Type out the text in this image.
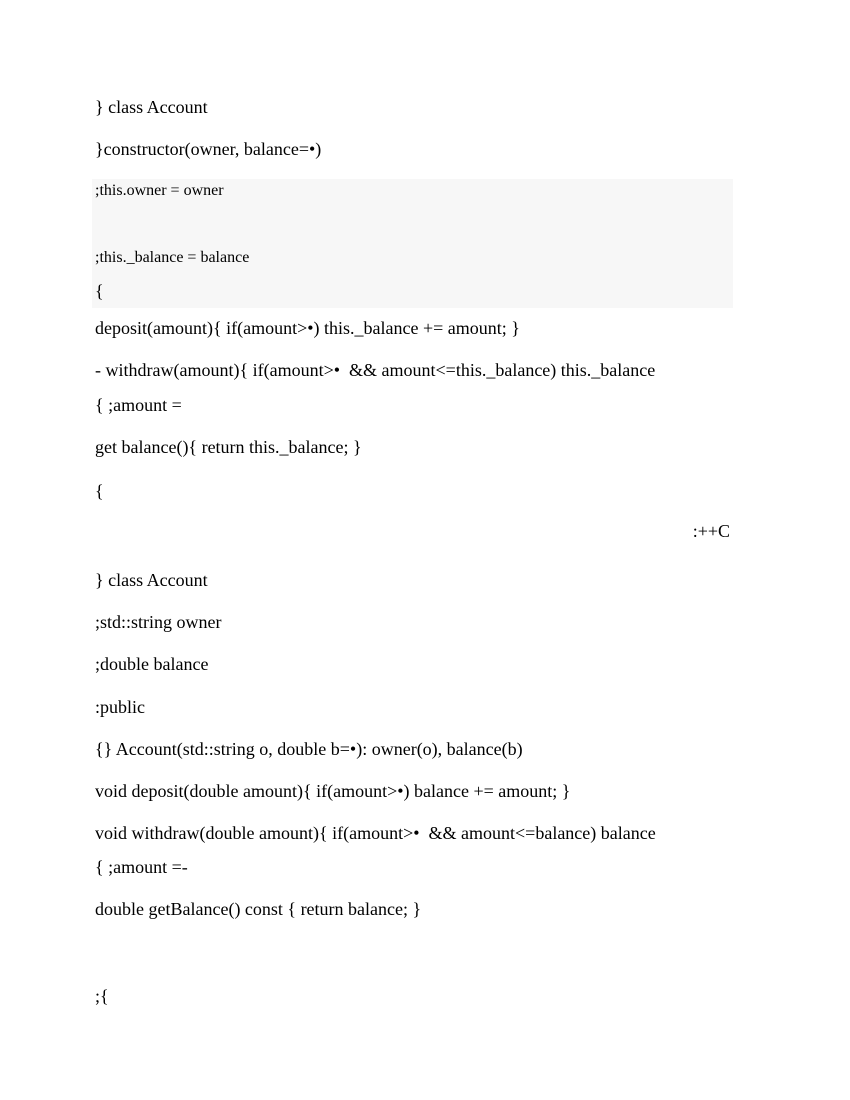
} class Account
}constructor(owner, balance=•)
;this.owner = owner
;this._balance = balance
{
deposit(amount){ if(amount>•) this._balance += amount; }
- withdraw(amount){ if(amount>•  && amount<=this._balance) this._balance
{ ;amount =
get balance(){ return this._balance; }
{
:++C
} class Account
;std::string owner
;double balance
:public
{} Account(std::string o, double b=•): owner(o), balance(b)
void deposit(double amount){ if(amount>•) balance += amount; }
void withdraw(double amount){ if(amount>•  && amount<=balance) balance
{ ;amount =-
double getBalance() const { return balance; }
;{
